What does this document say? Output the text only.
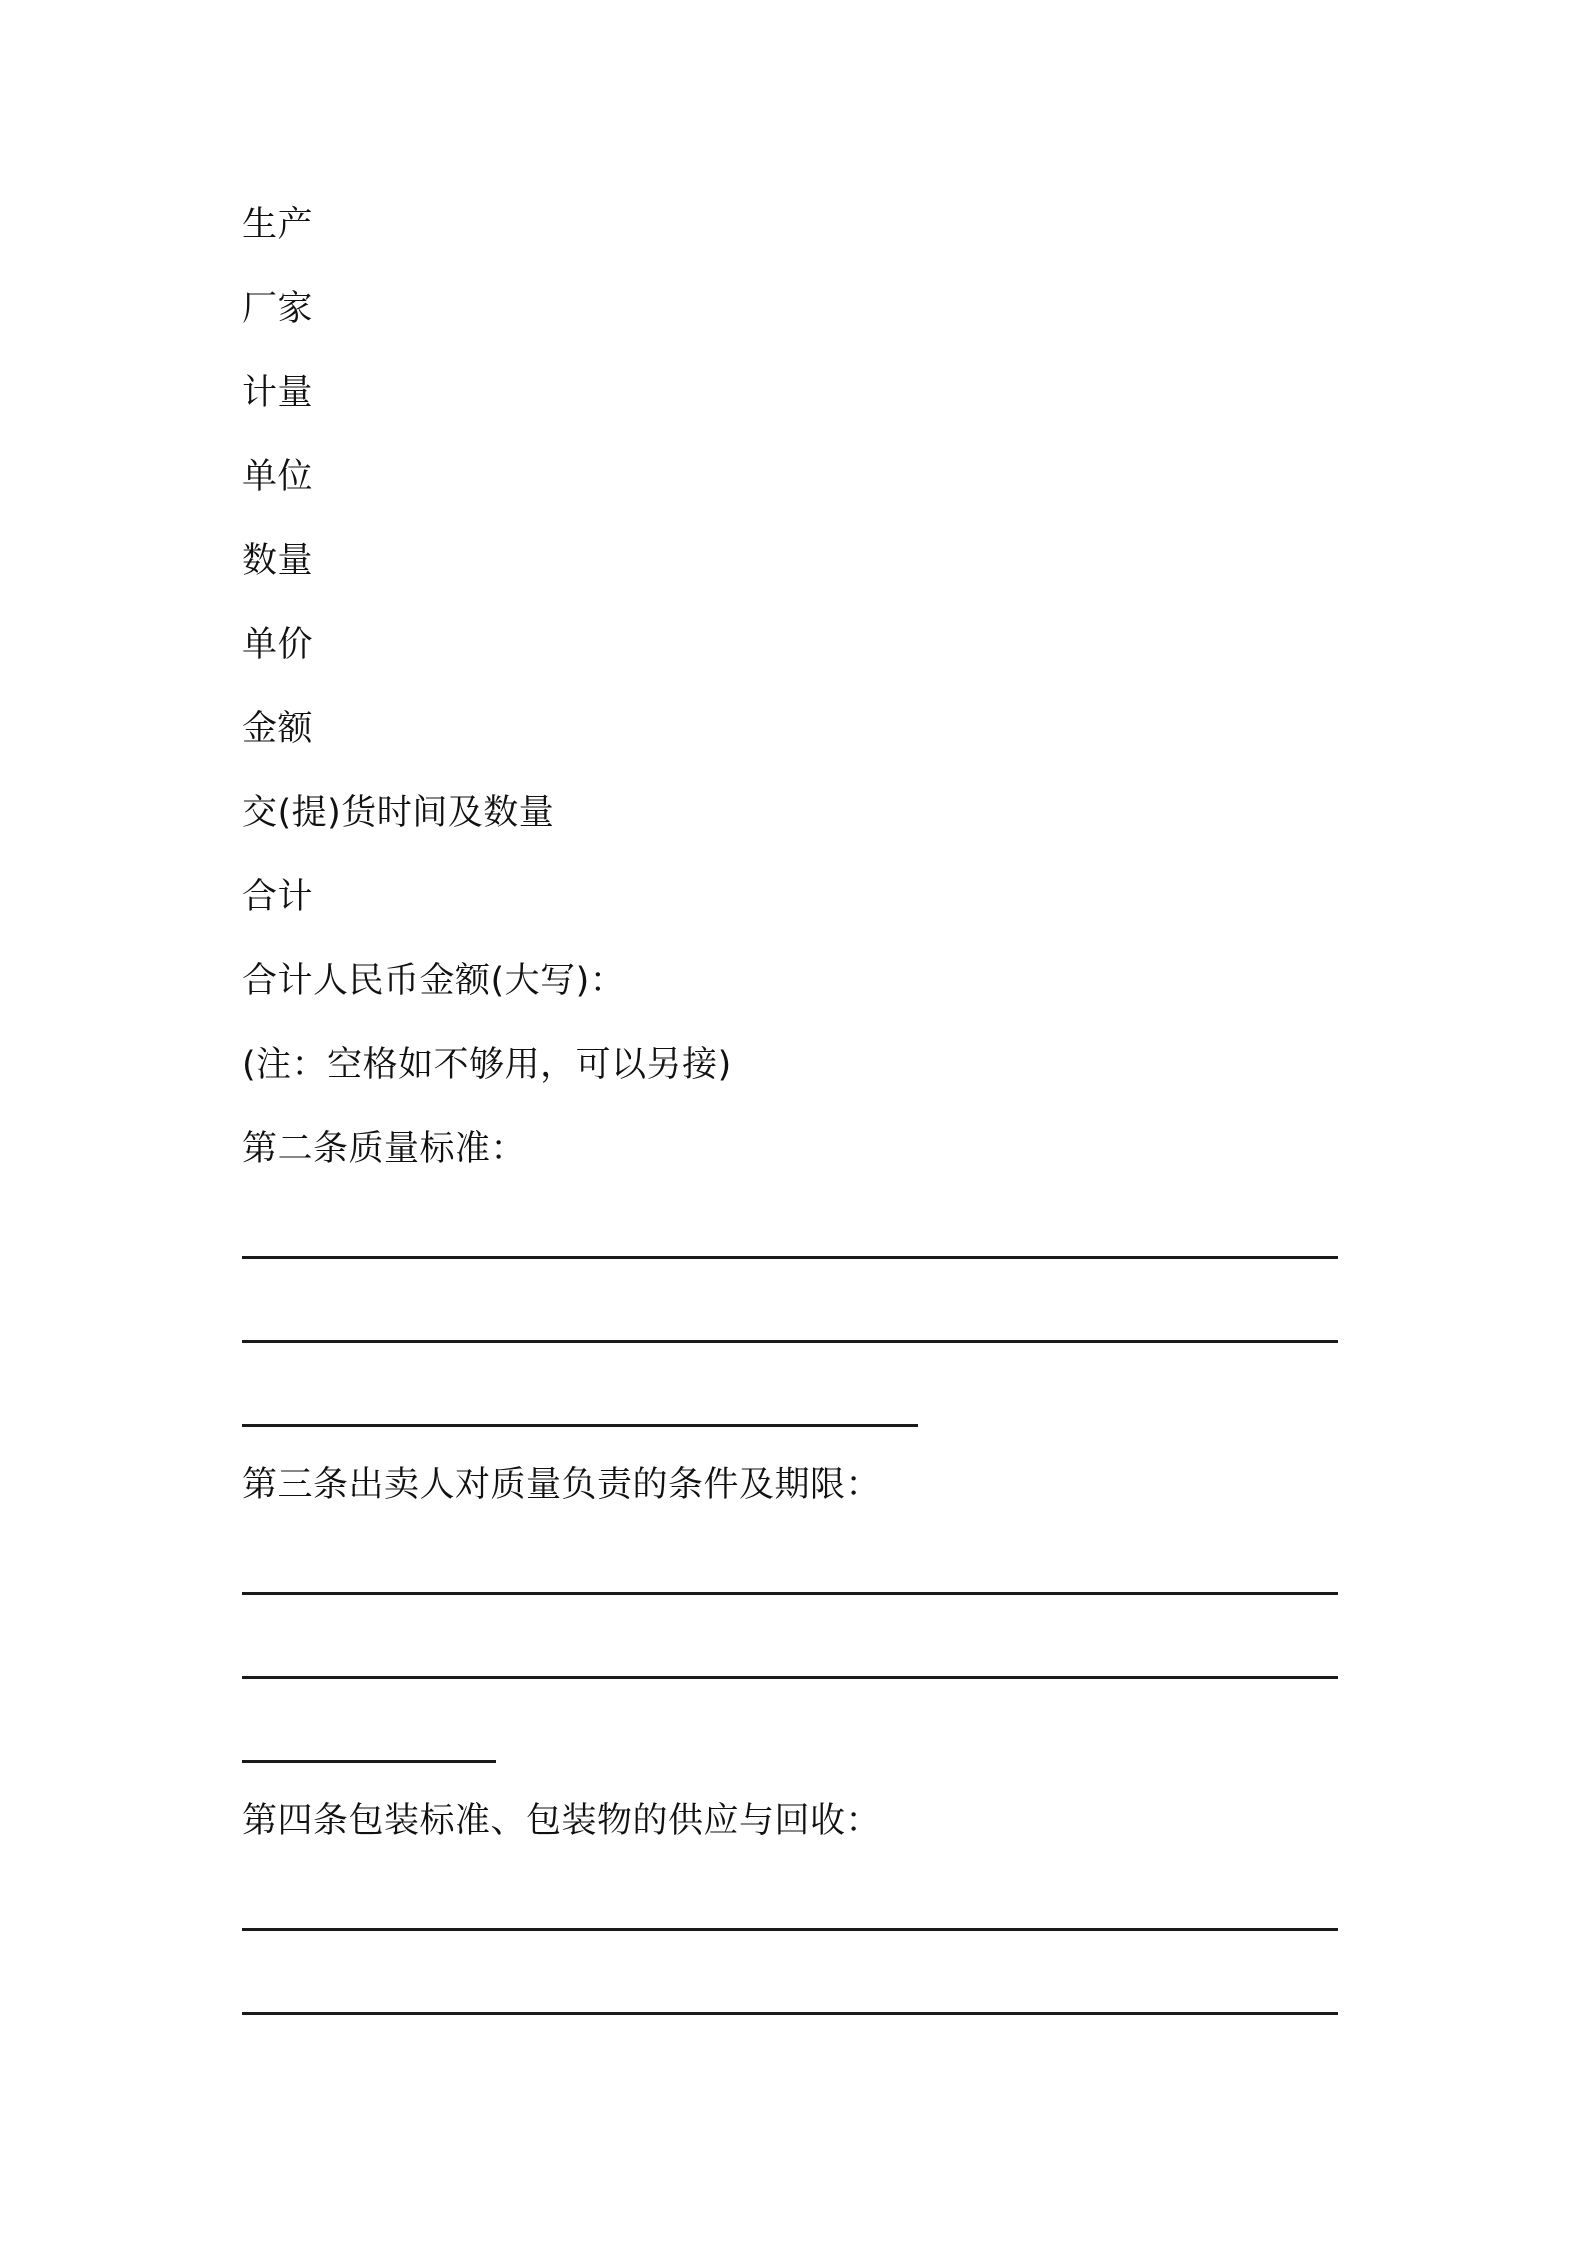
生产
厂家
计量
单位
数量
单价
金额
交(提)货时间及数量
合计
合计人民币金额(大写)：
(注：空格如不够用，可以另接)
第二条质量标准：
第三条出卖人对质量负责的条件及期限：
第四条包装标准、包装物的供应与回收：
